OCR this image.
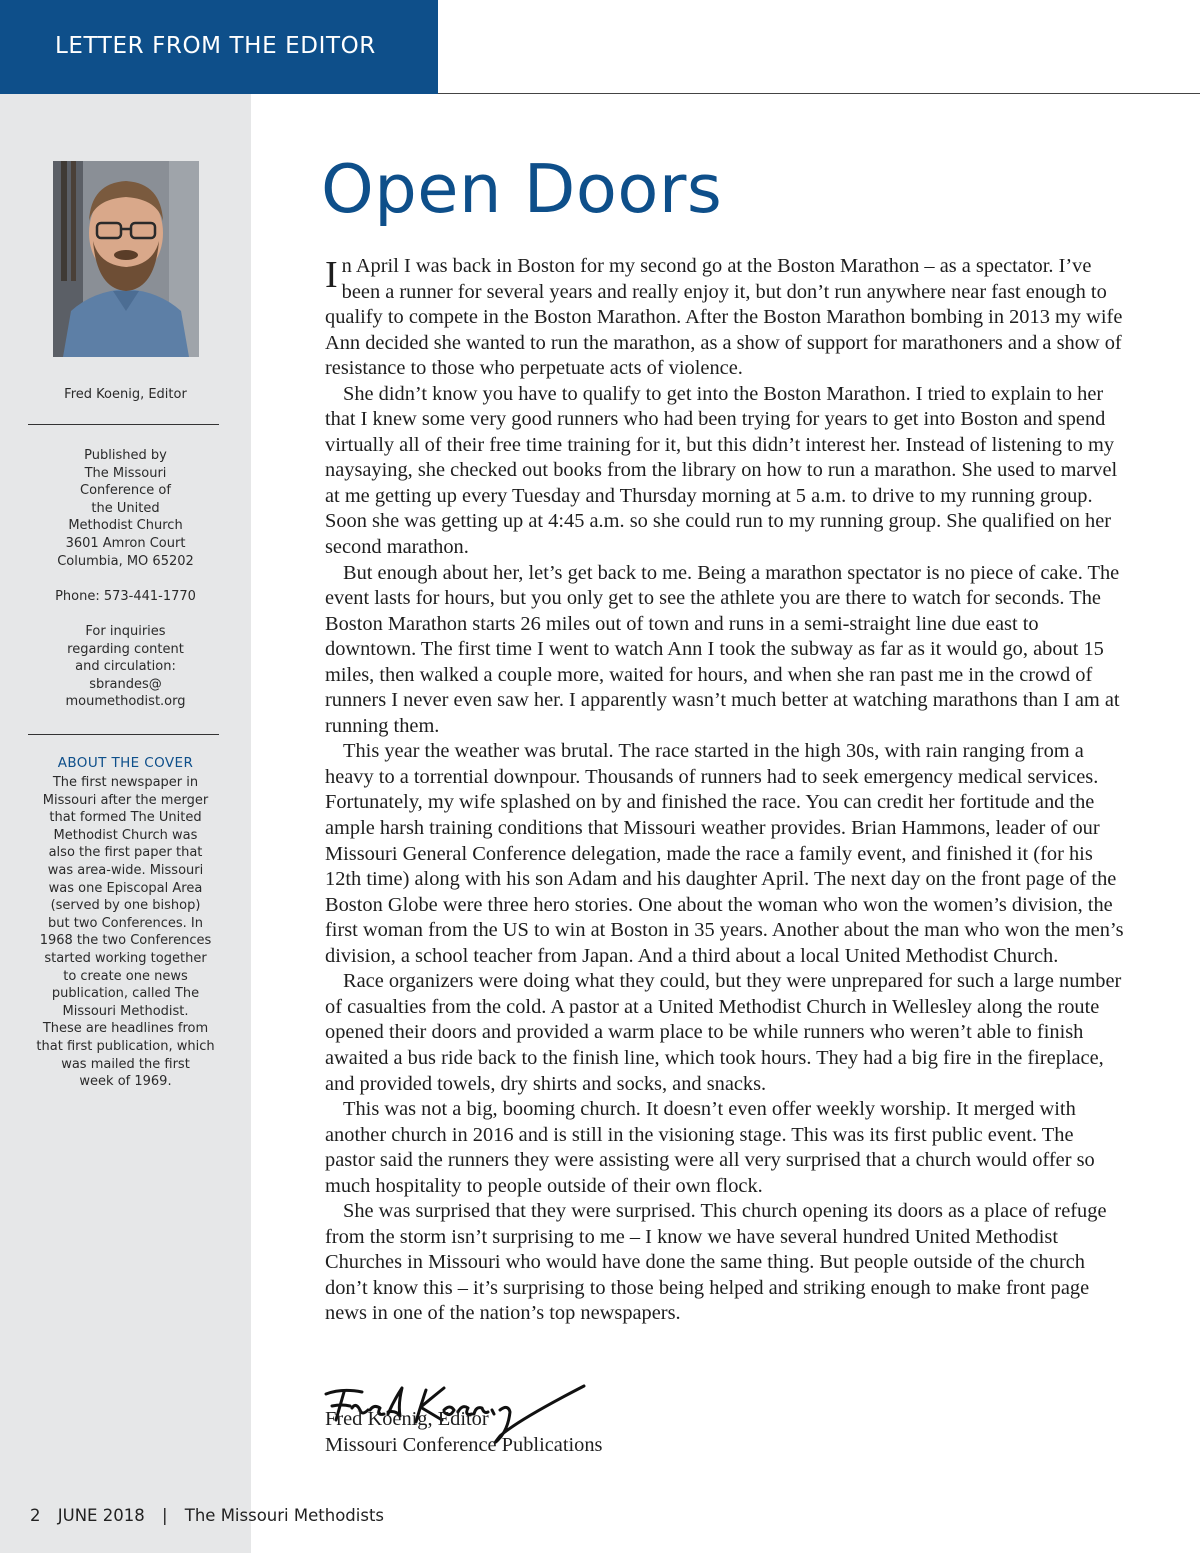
LETTER FROM THE EDITOR
Fred Koenig, Editor

Published by

The Missouri

Conference of

the United

Methodist Church

3601 Amron Court

Columbia, MO 65202

Phone: 573-441-1770

For inquiries

regarding content

and circulation:

sbrandes@

moumethodist.org

ABOUT THE COVER
The first newspaper in
Missouri after the merger
that formed The United
Methodist Church was
also the first paper that
was area-wide. Missouri
was one Episcopal Area
(served by one bishop)
but two Conferences. In
1968 the two Conferences
started working together
to create one news
publication, called The
Missouri Methodist.
These are headlines from
that first publication, which
was mailed the first
week of 1969.
Open Doors

In April I was back in Boston for my second go at the Boston Marathon – as a spectator. I’ve been a runner for several years and really enjoy it, but don’t run anywhere near fast enough to qualify to compete in the Boston Marathon. After the Boston Marathon bombing in 2013 my wife Ann decided she wanted to run the marathon, as a show of support for marathoners and a show of resistance to those who perpetuate acts of violence.

She didn’t know you have to qualify to get into the Boston Marathon. I tried to explain to her that I knew some very good runners who had been trying for years to get into Boston and spend virtually all of their free time training for it, but this didn’t interest her. Instead of listening to my naysaying, she checked out books from the library on how to run a marathon. She used to marvel at me getting up every Tuesday and Thursday morning at 5 a.m. to drive to my running group. Soon she was getting up at 4:45 a.m. so she could run to my running group. She qualified on her second marathon.

But enough about her, let’s get back to me. Being a marathon spectator is no piece of cake. The event lasts for hours, but you only get to see the athlete you are there to watch for seconds. The Boston Marathon starts 26 miles out of town and runs in a semi-straight line due east to downtown. The first time I went to watch Ann I took the subway as far as it would go, about 15 miles, then walked a couple more, waited for hours, and when she ran past me in the crowd of runners I never even saw her. I apparently wasn’t much better at watching marathons than I am at running them.

This year the weather was brutal. The race started in the high 30s, with rain ranging from a heavy to a torrential downpour. Thousands of runners had to seek emergency medical services. Fortunately, my wife splashed on by and finished the race. You can credit her fortitude and the ample harsh training conditions that Missouri weather provides. Brian Hammons, leader of our Missouri General Conference delegation, made the race a family event, and finished it (for his 12th time) along with his son Adam and his daughter April. The next day on the front page of the Boston Globe were three hero stories. One about the woman who won the women’s division, the first woman from the US to win at Boston in 35 years. Another about the man who won the men’s division, a school teacher from Japan. And a third about a local United Methodist Church.

Race organizers were doing what they could, but they were unprepared for such a large number of casualties from the cold. A pastor at a United Methodist Church in Wellesley along the route opened their doors and provided a warm place to be while runners who weren’t able to finish awaited a bus ride back to the finish line, which took hours. They had a big fire in the fireplace, and provided towels, dry shirts and socks, and snacks.

This was not a big, booming church. It doesn’t even offer weekly worship. It merged with another church in 2016 and is still in the visioning stage. This was its first public event. The pastor said the runners they were assisting were all very surprised that a church would offer so much hospitality to people outside of their own flock.

She was surprised that they were surprised. This church opening its doors as a place of refuge from the storm isn’t surprising to me – I know we have several hundred United Methodist Churches in Missouri who would have done the same thing. But people outside of the church don’t know this – it’s surprising to those being helped and striking enough to make front page news in one of the nation’s top newspapers.

Fred Koenig, Editor
Missouri Conference Publications
2 JUNE 2018 | The Missouri Methodists
